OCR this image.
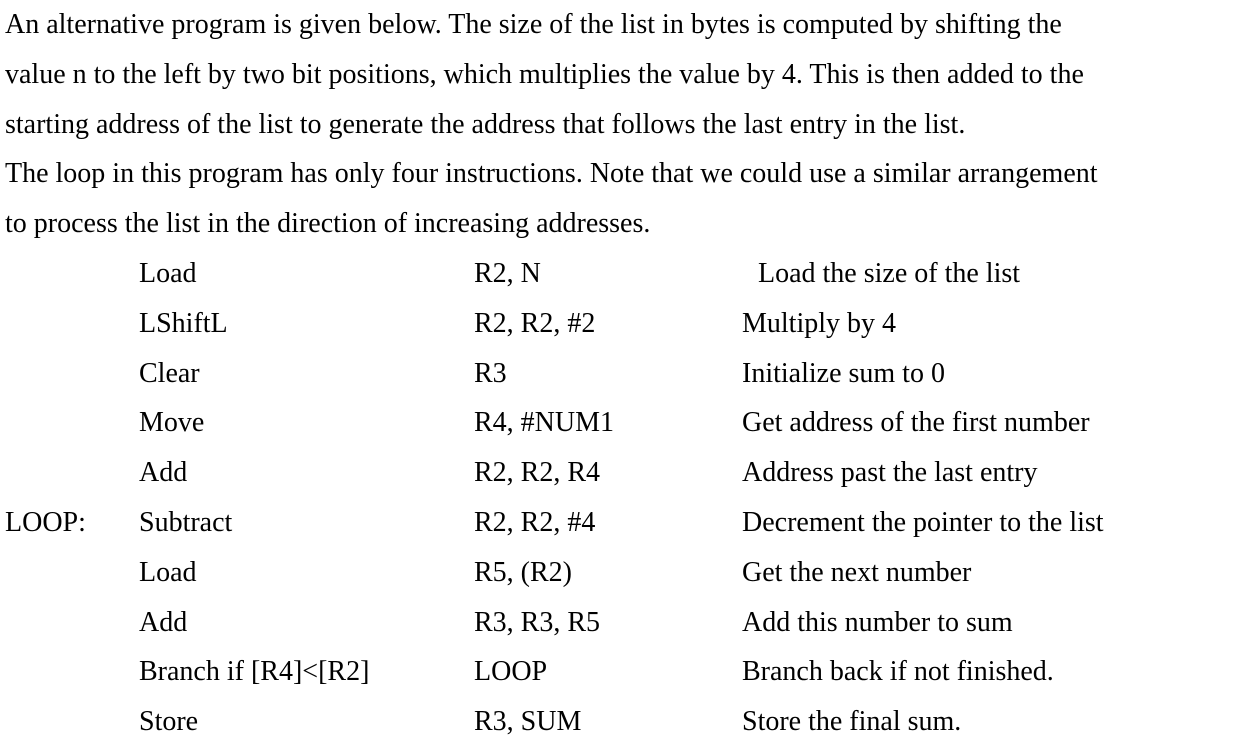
An alternative program is given below. The size of the list in bytes is computed by shifting the
value n to the left by two bit positions, which multiplies the value by 4. This is then added to the
starting address of the list to generate the address that follows the last entry in the list.
The loop in this program has only four instructions. Note that we could use a similar arrangement
to process the list in the direction of increasing addresses.
Load	R2, N	Load the size of the list
LShiftL	R2, R2, #2	Multiply by 4
Clear	R3	Initialize sum to 0
Move	R4, #NUM1	Get address of the first number
Add	R2, R2, R4	Address past the last entry
LOOP: Subtract	R2, R2, #4	Decrement the pointer to the list
Load	R5, (R2)	Get the next number
Add	R3, R3, R5	Add this number to sum
Branch if [R4]<[R2]	LOOP	Branch back if not finished.
Store	R3, SUM	Store the final sum.
